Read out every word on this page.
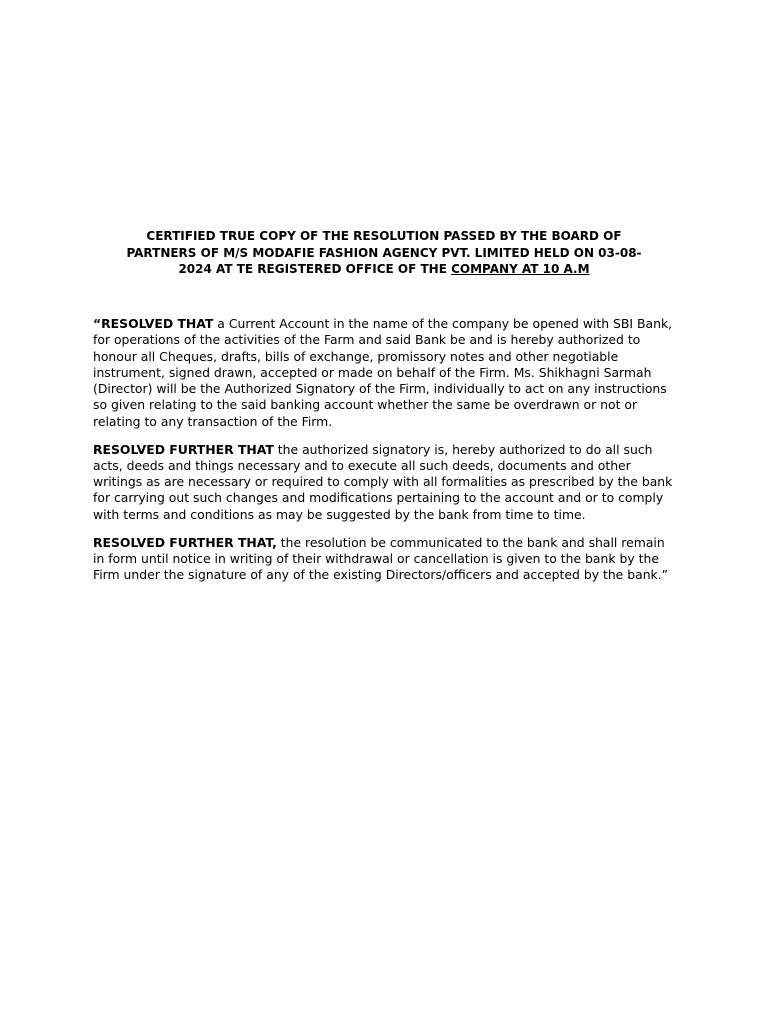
CERTIFIED TRUE COPY OF THE RESOLUTION PASSED BY THE BOARD OF
PARTNERS OF M/S MODAFIE FASHION AGENCY PVT. LIMITED HELD ON 03-08-
2024 AT TE REGISTERED OFFICE OF THE COMPANY AT 10 A.M

“RESOLVED THAT a Current Account in the name of the company be opened with SBI Bank, for operations of the activities of the Farm and said Bank be and is hereby authorized to honour all Cheques, drafts, bills of exchange, promissory notes and other negotiable instrument, signed drawn, accepted or made on behalf of the Firm. Ms. Shikhagni Sarmah (Director) will be the Authorized Signatory of the Firm, individually to act on any instructions so given relating to the said banking account whether the same be overdrawn or not or relating to any transaction of the Firm.

RESOLVED FURTHER THAT the authorized signatory is, hereby authorized to do all such acts, deeds and things necessary and to execute all such deeds, documents and other writings as are necessary or required to comply with all formalities as prescribed by the bank for carrying out such changes and modifications pertaining to the account and or to comply with terms and conditions as may be suggested by the bank from time to time.

RESOLVED FURTHER THAT, the resolution be communicated to the bank and shall remain in form until notice in writing of their withdrawal or cancellation is given to the bank by the Firm under the signature of any of the existing Directors/officers and accepted by the bank.”
